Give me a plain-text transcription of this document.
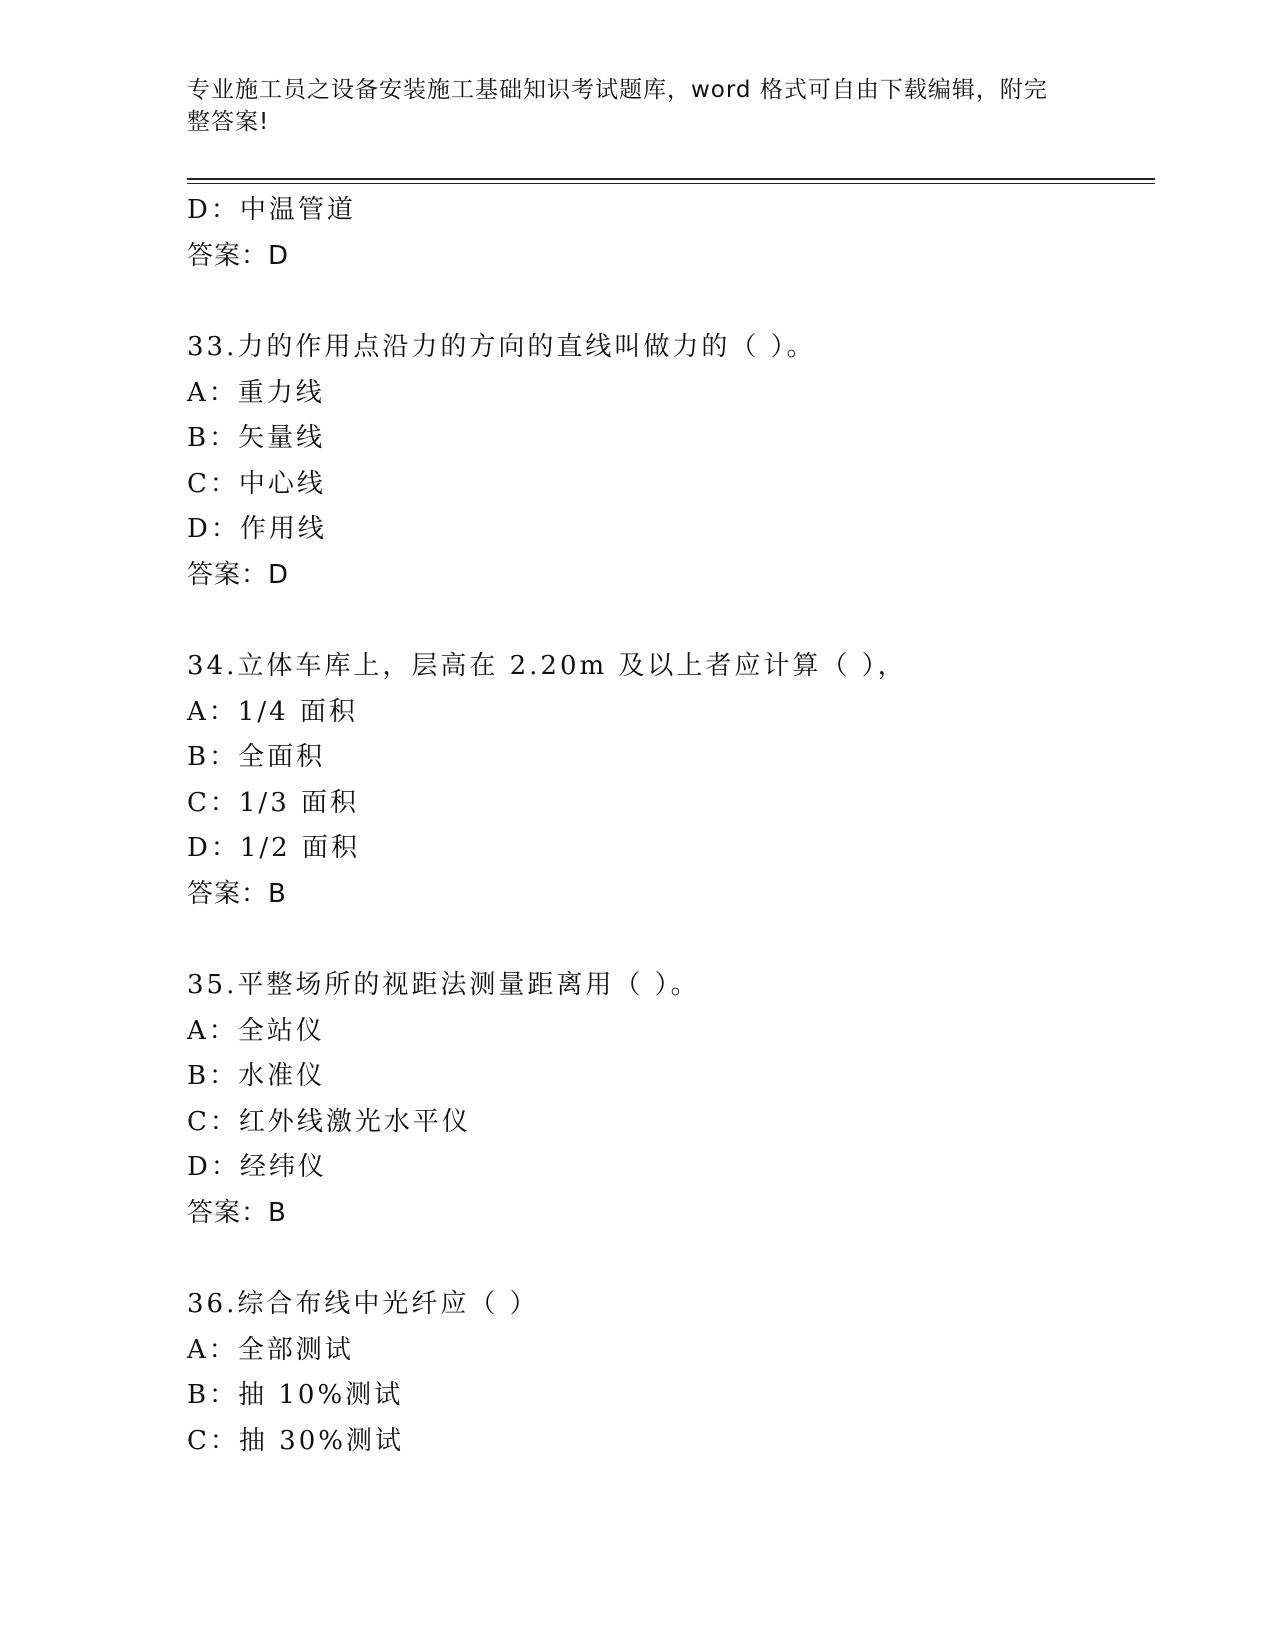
专业施工员之设备安装施工基础知识考试题库，word 格式可自由下载编辑，附完
整答案!
D：中温管道
答案：D
33.力的作用点沿力的方向的直线叫做力的（ ）。
A：重力线
B：矢量线
C：中心线
D：作用线
答案：D
34.立体车库上，层高在 2.20m 及以上者应计算（ ），
A：1/4 面积
B：全面积
C：1/3 面积
D：1/2 面积
答案：B
35.平整场所的视距法测量距离用（ ）。
A：全站仪
B：水准仪
C：红外线激光水平仪
D：经纬仪
答案：B
36.综合布线中光纤应（ ）
A：全部测试
B：抽 10%测试
C：抽 30%测试
